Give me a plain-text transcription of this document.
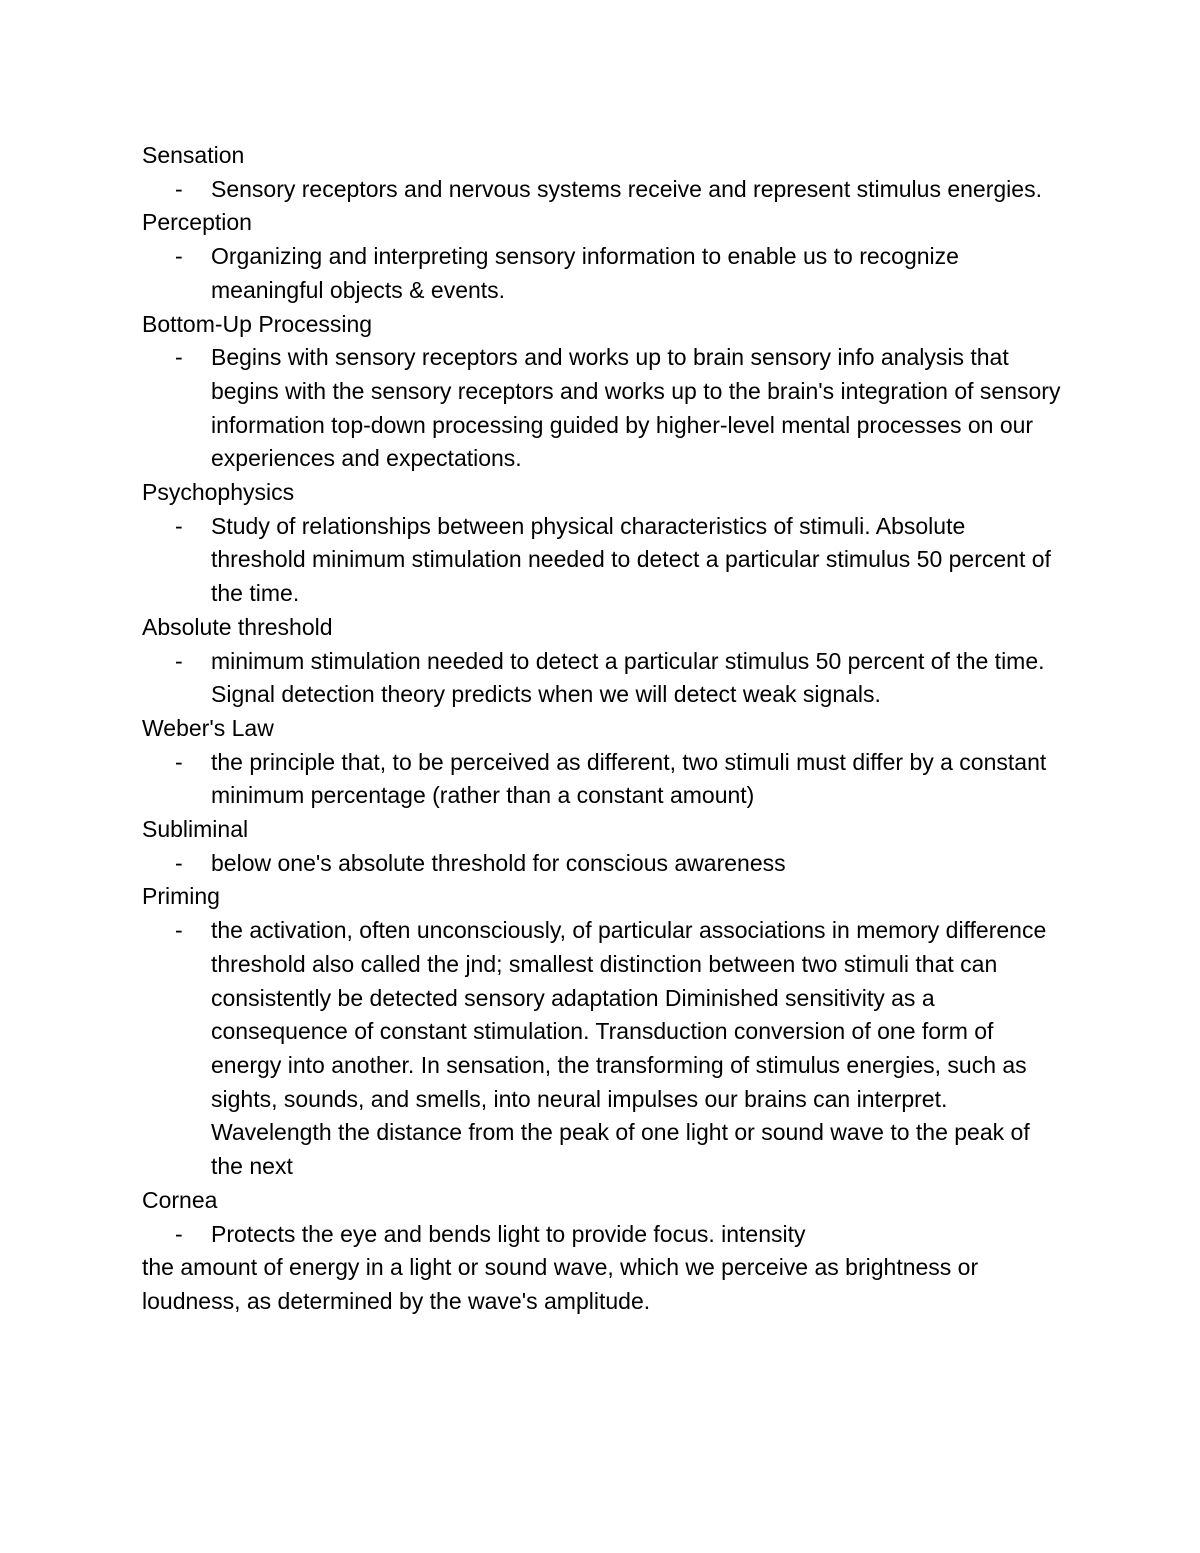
Sensation
- Sensory receptors and nervous systems receive and represent stimulus energies.
Perception
- Organizing and interpreting sensory information to enable us to recognize meaningful objects & events.
Bottom-Up Processing
- Begins with sensory receptors and works up to brain sensory info analysis that begins with the sensory receptors and works up to the brain's integration of sensory information top-down processing guided by higher-level mental processes on our experiences and expectations.
Psychophysics
- Study of relationships between physical characteristics of stimuli. Absolute threshold minimum stimulation needed to detect a particular stimulus 50 percent of the time.
Absolute threshold
- minimum stimulation needed to detect a particular stimulus 50 percent of the time. Signal detection theory predicts when we will detect weak signals.
Weber's Law
- the principle that, to be perceived as different, two stimuli must differ by a constant minimum percentage (rather than a constant amount)
Subliminal
- below one's absolute threshold for conscious awareness
Priming
- the activation, often unconsciously, of particular associations in memory difference threshold also called the jnd; smallest distinction between two stimuli that can consistently be detected sensory adaptation Diminished sensitivity as a consequence of constant stimulation. Transduction conversion of one form of energy into another. In sensation, the transforming of stimulus energies, such as sights, sounds, and smells, into neural impulses our brains can interpret. Wavelength the distance from the peak of one light or sound wave to the peak of the next
Cornea
- Protects the eye and bends light to provide focus. intensity

the amount of energy in a light or sound wave, which we perceive as brightness or loudness, as determined by the wave's amplitude.
